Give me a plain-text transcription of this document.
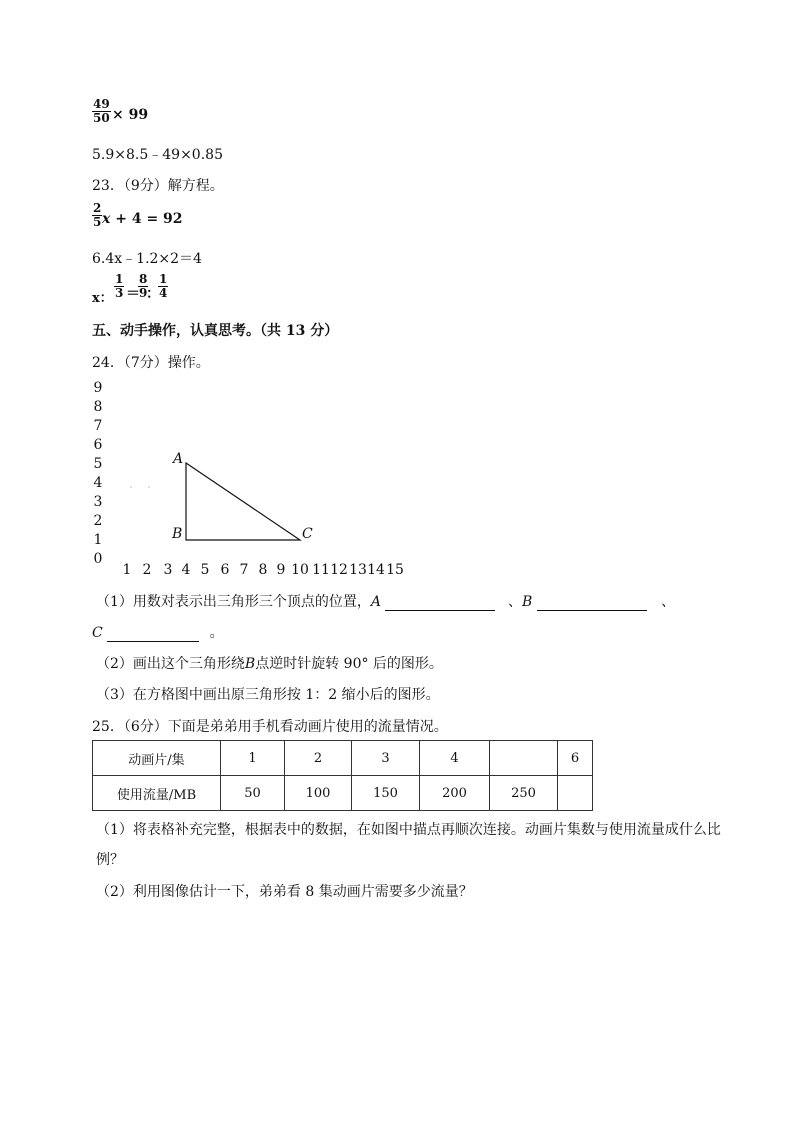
$\frac{49}{50} \times 99$
5.9×8.5﹣49×0.85
23．（9分）解方程。
$\frac{2}{5}$ x + 4 = 92
6.4x﹣1.2×2＝4
x： $\frac{1}{3}$ ＝
$\frac{8}{9}$
：
$\frac{1}{4}$
五、动手操作，认真思考。（共 13 分）
24．（7分）操作。
9
8
7
6
5
4
3
2
1
0
A
B	C
1 2 3 4 5 6 7 8 9 10 11 12 13 14 15
（1）用数对表示出三角形三个顶点的位置，A	、B	、
C	。
（2）画出这个三角形绕B点逆时针旋转 90° 后的图形。
（3）在方格图中画出原三角形按 1：2 缩小后的图形。
25．（6分）下面是弟弟用手机看动画片使用的流量情况。
动画片/集	1	2	3	4		6
使用流量/MB	50	100	150	200	250	
（1）将表格补充完整，根据表中的数据，在如图中描点再顺次连接。动画片集数与使用流量成什么比
例？
（2）利用图像估计一下，弟弟看 8 集动画片需要多少流量？
